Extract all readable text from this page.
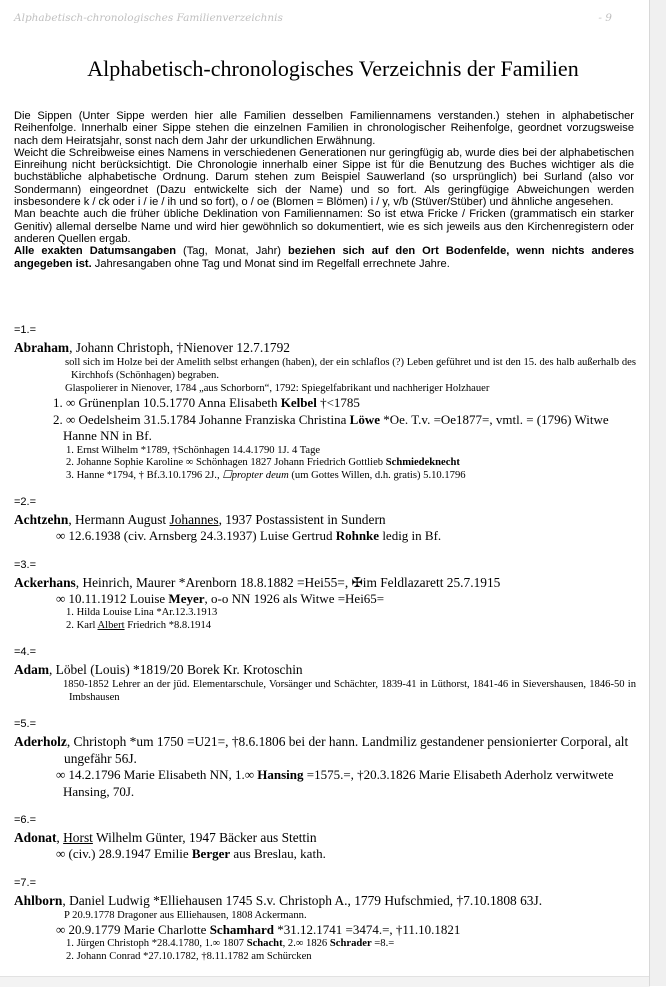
Alphabetisch-chronologisches Familienverzeichnis	- 9
Alphabetisch-chronologisches Verzeichnis der Familien

Die Sippen (Unter Sippe werden hier alle Familien desselben Familiennamens verstanden.) stehen in alphabetischer Reihenfolge. Innerhalb einer Sippe stehen die einzelnen Familien in chronologischer Reihenfolge, geordnet vorzugsweise nach dem Heiratsjahr, sonst nach dem Jahr der urkundlichen Erwähnung.

Weicht die Schreibweise eines Namens in verschiedenen Generationen nur geringfügig ab, wurde dies bei der alphabetischen Einreihung nicht berücksichtigt. Die Chronologie innerhalb einer Sippe ist für die Benutzung des Buches wichtiger als die buchstäbliche alphabetische Ordnung. Darum stehen zum Beispiel Sauwerland (so ursprünglich) bei Surland (also vor Sondermann) eingeordnet (Dazu entwickelte sich der Name) und so fort. Als geringfügige Abweichungen werden insbesondere k / ck oder i / ie / ih und so fort), o / oe (Blomen = Blömen) i / y, v/b (Stüver/Stüber) und ähnliche angesehen.

Man beachte auch die früher übliche Deklination von Familiennamen: So ist etwa Fricke / Fricken (grammatisch ein starker Genitiv) allemal derselbe Name und wird hier gewöhnlich so dokumentiert, wie es sich jeweils aus den Kirchenregistern oder anderen Quellen ergab.

Alle exakten Datumsangaben (Tag, Monat, Jahr) beziehen sich auf den Ort Bodenfelde, wenn nichts anderes angegeben ist. Jahresangaben ohne Tag und Monat sind im Regelfall errechnete Jahre.

=1.=
Abraham, Johann Christoph, †Nienover 12.7.1792
soll sich im Holze bei der Amelith selbst erhangen (haben), der ein schlaflos (?) Leben geführet und ist den 15. des halb außerhalb des Kirchhofs (Schönhagen) begraben.
Glaspolierer in Nienover, 1784 „aus Schorborn“, 1792: Spiegelfabrikant und nachheriger Holzhauer
1. ∞ Grünenplan 10.5.1770 Anna Elisabeth Kelbel †<1785
2. ∞ Oedelsheim 31.5.1784 Johanne Franziska Christina Löwe *Oe. T.v. =Oe1877=, vmtl. = (1796) Witwe Hanne NN in Bf.
1. Ernst Wilhelm *1789, †Schönhagen 14.4.1790 1J. 4 Tage
2. Johanne Sophie Karoline ∞ Schönhagen 1827 Johann Friedrich Gottlieb Schmiedeknecht
3. Hanne *1794, † Bf.3.10.1796 2J., ☐propter deum (um Gottes Willen, d.h. gratis) 5.10.1796
=2.=
Achtzehn, Hermann August Johannes, 1937 Postassistent in Sundern
∞ 12.6.1938 (civ. Arnsberg 24.3.1937) Luise Gertrud Rohnke ledig in Bf.
=3.=
Ackerhans, Heinrich, Maurer *Arenborn 18.8.1882 =Hei55=, ✠im Feldlazarett 25.7.1915
∞ 10.11.1912 Louise Meyer, o-o NN 1926 als Witwe =Hei65=
1. Hilda Louise Lina *Ar.12.3.1913
2. Karl Albert Friedrich *8.8.1914
=4.=
Adam, Löbel (Louis) *1819/20 Borek Kr. Krotoschin
1850-1852 Lehrer an der jüd. Elementarschule, Vorsänger und Schächter, 1839-41 in Lüthorst, 1841-46 in Sievershausen, 1846-50 in Imbshausen
=5.=
Aderholz, Christoph *um 1750 =U21=, †8.6.1806 bei der hann. Landmiliz gestandener pensionierter Corporal, alt ungefähr 56J.
∞ 14.2.1796 Marie Elisabeth NN, 1.∞ Hansing =1575.=, †20.3.1826 Marie Elisabeth Aderholz verwitwete Hansing, 70J.
=6.=
Adonat, Horst Wilhelm Günter, 1947 Bäcker aus Stettin
∞ (civ.) 28.9.1947 Emilie Berger aus Breslau, kath.
=7.=
Ahlborn, Daniel Ludwig *Elliehausen 1745 S.v. Christoph A., 1779 Hufschmied, †7.10.1808 63J.
P 20.9.1778 Dragoner aus Elliehausen, 1808 Ackermann.
∞ 20.9.1779 Marie Charlotte Schamhard *31.12.1741 =3474.=, †11.10.1821
1. Jürgen Christoph *28.4.1780, 1.∞ 1807 Schacht, 2.∞ 1826 Schrader =8.=
2. Johann Conrad *27.10.1782, †8.11.1782 am Schürcken
